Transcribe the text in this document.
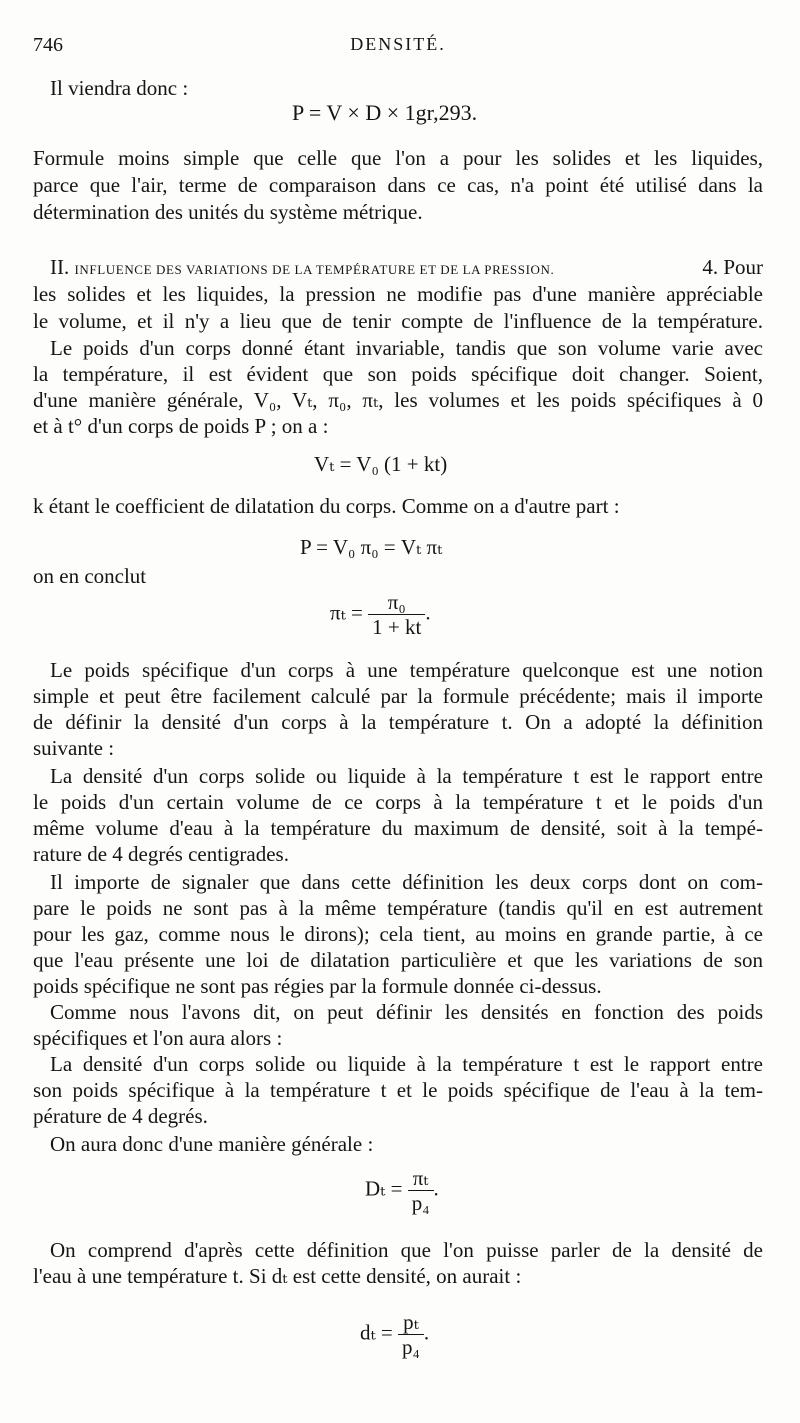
746	DENSITÉ.
Il viendra donc :
P = V × D × 1gr,293.
Formule moins simple que celle que l'on a pour les solides et les liquides,
parce que l'air, terme de comparaison dans ce cas, n'a point été utilisé dans la
détermination des unités du système métrique.
II. INFLUENCE DES VARIATIONS DE LA TEMPÉRATURE ET DE LA PRESSION.	4. Pour
les solides et les liquides, la pression ne modifie pas d'une manière appréciable
le volume, et il n'y a lieu que de tenir compte de l'influence de la température.
Le poids d'un corps donné étant invariable, tandis que son volume varie avec
la température, il est évident que son poids spécifique doit changer. Soient,
d'une manière générale, V₀, Vₜ, π₀, πₜ, les volumes et les poids spécifiques à 0
et à t° d'un corps de poids P ; on a :
Vₜ = V₀ (1 + kt)
k étant le coefficient de dilatation du corps. Comme on a d'autre part :
P = V₀ π₀ = Vₜ πₜ
on en conclut
$\pi_t = \frac{\text{π₀}}{1 + kt}$ .
Le poids spécifique d'un corps à une température quelconque est une notion
simple et peut être facilement calculé par la formule précédente; mais il importe
de définir la densité d'un corps à la température t. On a adopté la définition
suivante :
La densité d'un corps solide ou liquide à la température t est le rapport entre
le poids d'un certain volume de ce corps à la température t et le poids d'un
même volume d'eau à la température du maximum de densité, soit à la tempé-
rature de 4 degrés centigrades.
Il importe de signaler que dans cette définition les deux corps dont on com-
pare le poids ne sont pas à la même température (tandis qu'il en est autrement
pour les gaz, comme nous le dirons); cela tient, au moins en grande partie, à ce
que l'eau présente une loi de dilatation particulière et que les variations de son
poids spécifique ne sont pas régies par la formule donnée ci-dessus.
Comme nous l'avons dit, on peut définir les densités en fonction des poids
spécifiques et l'on aura alors :
La densité d'un corps solide ou liquide à la température t est le rapport entre
son poids spécifique à la température t et le poids spécifique de l'eau à la tem-
pérature de 4 degrés.
On aura donc d'une manière générale :
$D_t = \frac{\text{πₜ}}{\text{p₄}}$ .
On comprend d'après cette définition que l'on puisse parler de la densité de
l'eau à une température t. Si dₜ est cette densité, on aurait :
$d_t = \frac{\text{pₜ}}{\text{p₄}}$ .
